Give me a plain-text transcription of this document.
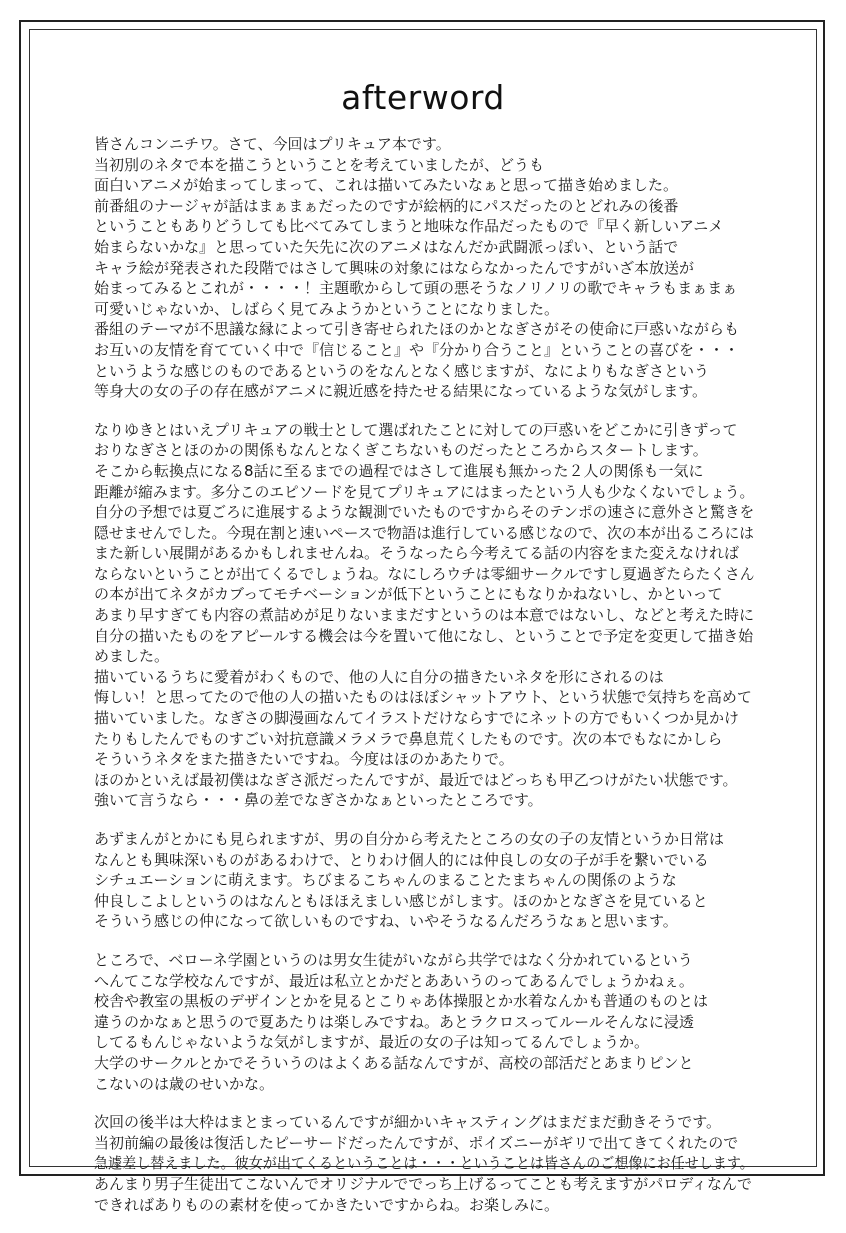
afterword
皆さんコンニチワ。さて、今回はプリキュア本です。
当初別のネタで本を描こうということを考えていましたが、どうも
面白いアニメが始まってしまって、これは描いてみたいなぁと思って描き始めました。
前番組のナージャが話はまぁまぁだったのですが絵柄的にパスだったのとどれみの後番
ということもありどうしても比べてみてしまうと地味な作品だったもので『早く新しいアニメ
始まらないかな』と思っていた矢先に次のアニメはなんだか武闘派っぽい、という話で
キャラ絵が発表された段階ではさして興味の対象にはならなかったんですがいざ本放送が
始まってみるとこれが・・・・！主題歌からして頭の悪そうなノリノリの歌でキャラもまぁまぁ
可愛いじゃないか、しばらく見てみようかということになりました。
番組のテーマが不思議な縁によって引き寄せられたほのかとなぎさがその使命に戸惑いながらも
お互いの友情を育てていく中で『信じること』や『分かり合うこと』ということの喜びを・・・
というような感じのものであるというのをなんとなく感じますが、なによりもなぎさという
等身大の女の子の存在感がアニメに親近感を持たせる結果になっているような気がします。
なりゆきとはいえプリキュアの戦士として選ばれたことに対しての戸惑いをどこかに引きずって
おりなぎさとほのかの関係もなんとなくぎこちないものだったところからスタートします。
そこから転換点になる8話に至るまでの過程ではさして進展も無かった２人の関係も一気に
距離が縮みます。多分このエピソードを見てプリキュアにはまったという人も少なくないでしょう。
自分の予想では夏ごろに進展するような観測でいたものですからそのテンポの速さに意外さと驚きを
隠せませんでした。今現在割と速いペースで物語は進行している感じなので、次の本が出るころには
また新しい展開があるかもしれませんね。そうなったら今考えてる話の内容をまた変えなければ
ならないということが出てくるでしょうね。なにしろウチは零細サークルですし夏過ぎたらたくさん
の本が出てネタがカブってモチベーションが低下ということにもなりかねないし、かといって
あまり早すぎても内容の煮詰めが足りないままだすというのは本意ではないし、などと考えた時に
自分の描いたものをアピールする機会は今を置いて他になし、ということで予定を変更して描き始
めました。
描いているうちに愛着がわくもので、他の人に自分の描きたいネタを形にされるのは
悔しい！と思ってたので他の人の描いたものはほぼシャットアウト、という状態で気持ちを高めて
描いていました。なぎさの脚漫画なんてイラストだけならすでにネットの方でもいくつか見かけ
たりもしたんでものすごい対抗意識メラメラで鼻息荒くしたものです。次の本でもなにかしら
そういうネタをまた描きたいですね。今度はほのかあたりで。
ほのかといえば最初僕はなぎさ派だったんですが、最近ではどっちも甲乙つけがたい状態です。
強いて言うなら・・・鼻の差でなぎさかなぁといったところです。
あずまんがとかにも見られますが、男の自分から考えたところの女の子の友情というか日常は
なんとも興味深いものがあるわけで、とりわけ個人的には仲良しの女の子が手を繋いでいる
シチュエーションに萌えます。ちびまるこちゃんのまることたまちゃんの関係のような
仲良しこよしというのはなんともほほえましい感じがします。ほのかとなぎさを見ていると
そういう感じの仲になって欲しいものですね、いやそうなるんだろうなぁと思います。
ところで、ベローネ学園というのは男女生徒がいながら共学ではなく分かれているという
へんてこな学校なんですが、最近は私立とかだとああいうのってあるんでしょうかねぇ。
校舎や教室の黒板のデザインとかを見るとこりゃあ体操服とか水着なんかも普通のものとは
違うのかなぁと思うので夏あたりは楽しみですね。あとラクロスってルールそんなに浸透
してるもんじゃないような気がしますが、最近の女の子は知ってるんでしょうか。
大学のサークルとかでそういうのはよくある話なんですが、高校の部活だとあまりピンと
こないのは歳のせいかな。
次回の後半は大枠はまとまっているんですが細かいキャスティングはまだまだ動きそうです。
当初前編の最後は復活したピーサードだったんですが、ポイズニーがギリで出てきてくれたので
急遽差し替えました。彼女が出てくるということは・・・ということは皆さんのご想像にお任せします。
あんまり男子生徒出てこないんでオリジナルででっち上げるってことも考えますがパロディなんで
できればありものの素材を使ってかきたいですからね。お楽しみに。
